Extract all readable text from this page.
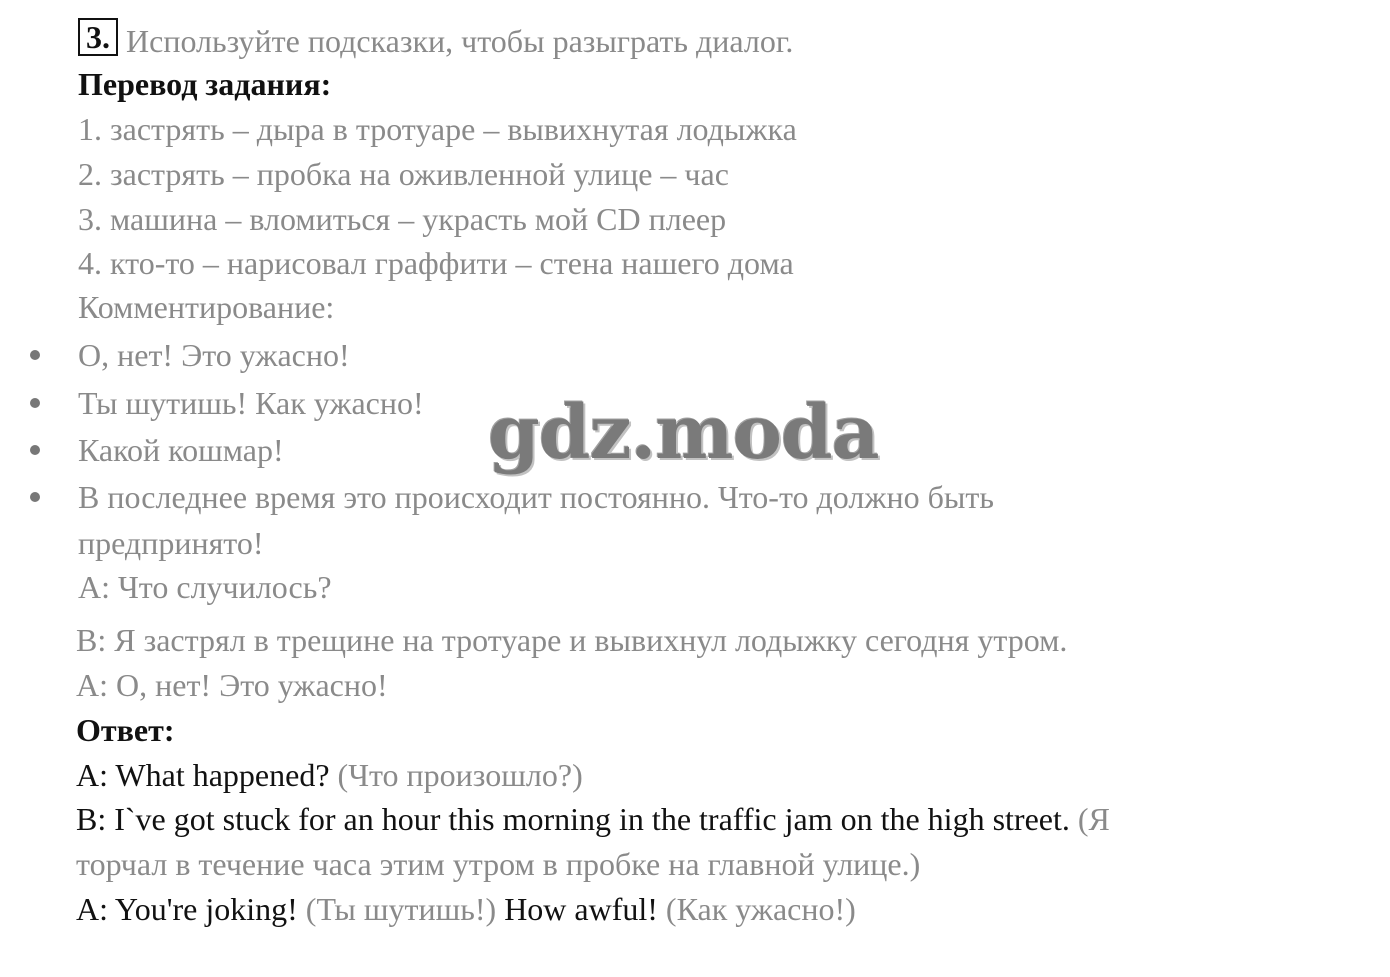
3. Используйте подсказки, чтобы разыграть диалог.
Перевод задания:
1. застрять – дыра в тротуаре – вывихнутая лодыжка
2. застрять – пробка на оживленной улице – час
3. машина – вломиться – украсть мой CD плеер
4. кто-то – нарисовал граффити – стена нашего дома
Комментирование:
О, нет! Это ужасно!
Ты шутишь! Как ужасно!
Какой кошмар!
В последнее время это происходит постоянно. Что-то должно быть
предпринято!
А: Что случилось?
В: Я застрял в трещине на тротуаре и вывихнул лодыжку сегодня утром.
А: О, нет! Это ужасно!
Ответ:
A: What happened? (Что произошло?)
B: I`ve got stuck for an hour this morning in the traffic jam on the high street. (Я
торчал в течение часа этим утром в пробке на главной улице.)
A: You're joking! (Ты шутишь!) How awful! (Как ужасно!)
gdz.moda
